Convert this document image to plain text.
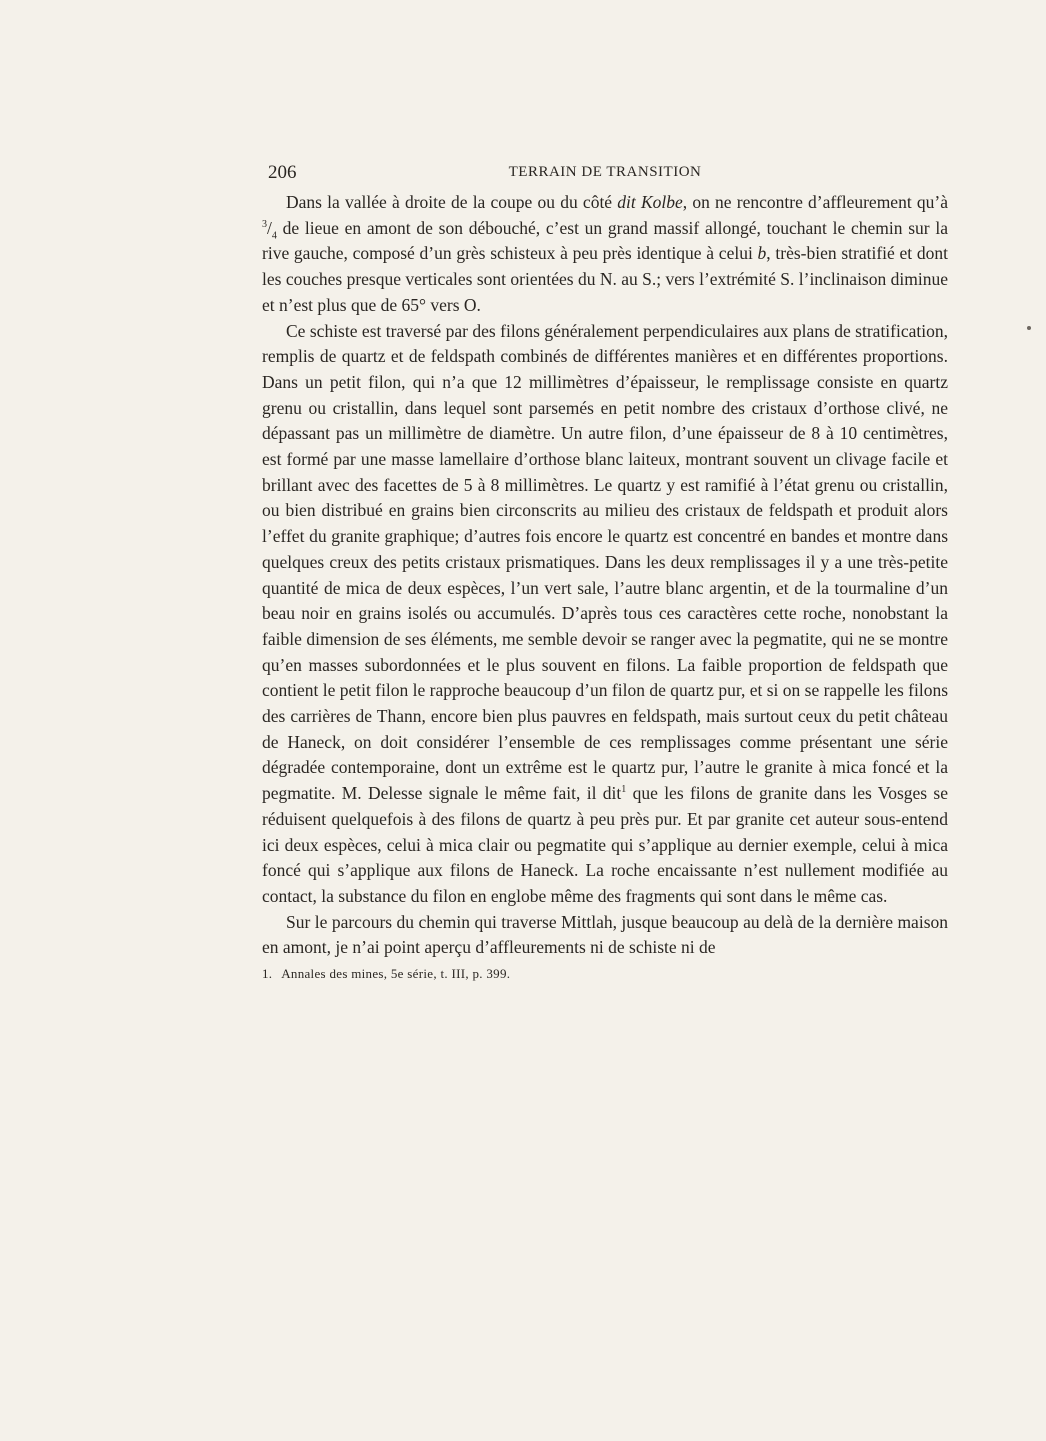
206	TERRAIN DE TRANSITION

Dans la vallée à droite de la coupe ou du côté dit Kolbe, on ne rencontre d’affleurement qu’à $^3/_4$ de lieue en amont de son débouché, c’est un grand massif allongé, touchant le chemin sur la rive gauche, composé d’un grès schisteux à peu près identique à celui b, très-bien stratifié et dont les couches presque verticales sont orientées du N. au S.; vers l’extrémité S. l’inclinaison diminue et n’est plus que de 65° vers O.

Ce schiste est traversé par des filons généralement perpendiculaires aux plans de stratification, remplis de quartz et de feldspath combinés de différentes manières et en différentes proportions. Dans un petit filon, qui n’a que 12 millimètres d’épaisseur, le remplissage consiste en quartz grenu ou cristallin, dans lequel sont parsemés en petit nombre des cristaux d’orthose clivé, ne dépassant pas un millimètre de diamètre. Un autre filon, d’une épaisseur de 8 à 10 centimètres, est formé par une masse lamellaire d’orthose blanc laiteux, montrant souvent un clivage facile et brillant avec des facettes de 5 à 8 millimètres. Le quartz y est ramifié à l’état grenu ou cristallin, ou bien distribué en grains bien circonscrits au milieu des cristaux de feldspath et produit alors l’effet du granite graphique; d’autres fois encore le quartz est concentré en bandes et montre dans quelques creux des petits cristaux prismatiques. Dans les deux remplissages il y a une très-petite quantité de mica de deux espèces, l’un vert sale, l’autre blanc argentin, et de la tourmaline d’un beau noir en grains isolés ou accumulés. D’après tous ces caractères cette roche, nonobstant la faible dimension de ses éléments, me semble devoir se ranger avec la pegmatite, qui ne se montre qu’en masses subordonnées et le plus souvent en filons. La faible proportion de feldspath que contient le petit filon le rapproche beaucoup d’un filon de quartz pur, et si on se rappelle les filons des carrières de Thann, encore bien plus pauvres en feldspath, mais surtout ceux du petit château de Haneck, on doit considérer l’ensemble de ces remplissages comme présentant une série dégradée contemporaine, dont un extrême est le quartz pur, l’autre le granite à mica foncé et la pegmatite. M. Delesse signale le même fait, il dit$^1$ que les filons de granite dans les Vosges se réduisent quelquefois à des filons de quartz à peu près pur. Et par granite cet auteur sous-entend ici deux espèces, celui à mica clair ou pegmatite qui s’applique au dernier exemple, celui à mica foncé qui s’applique aux filons de Haneck. La roche encaissante n’est nullement modifiée au contact, la substance du filon en englobe même des fragments qui sont dans le même cas.

Sur le parcours du chemin qui traverse Mittlah, jusque beaucoup au delà de la dernière maison en amont, je n’ai point aperçu d’affleurements ni de schiste ni de

1. Annales des mines, 5e série, t. III, p. 399.
